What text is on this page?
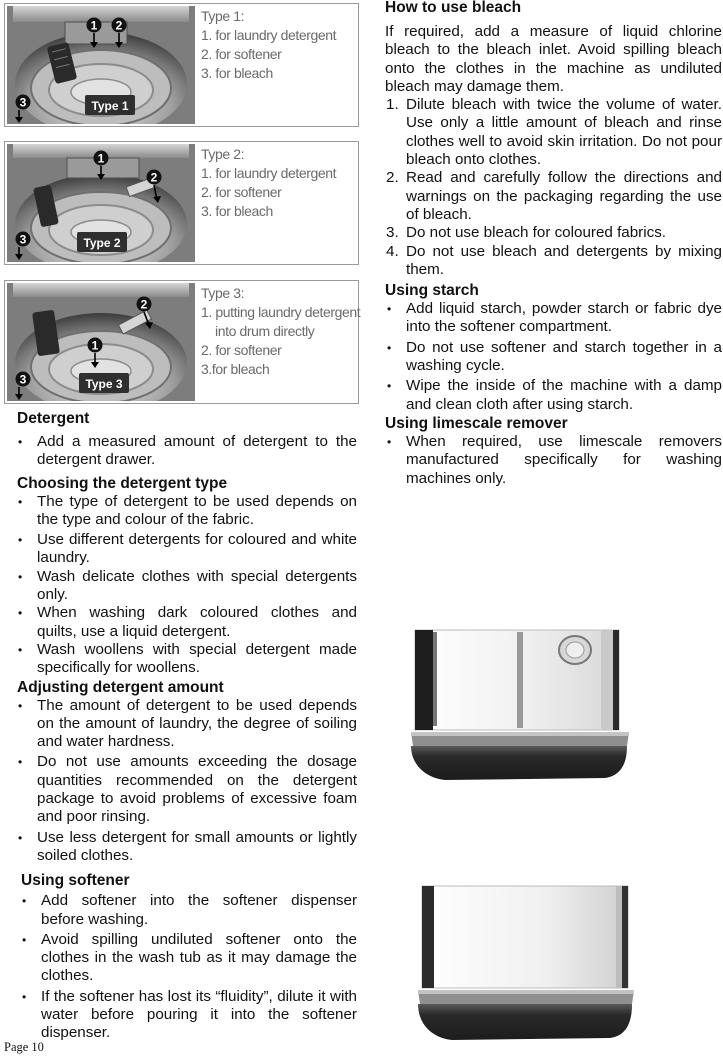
Type 1
1 2
3
Type 1:
1. for laundry detergent
2. for softener
3. for bleach
Type 2
1
2
3
Type 2:
1. for laundry detergent
2. for softener
3. for bleach
Type 3
2
1
3
Type 3:
1. putting laundry detergent
into drum directly
2. for softener
3.for bleach
Detergent
• Add a measured amount of detergent to the detergent drawer.
Choosing the detergent type
• The type of detergent to be used depends on the type and colour of the fabric.
• Use different detergents for coloured and white laundry.
• Wash delicate clothes with special detergents only.
• When washing dark coloured clothes and quilts, use a liquid detergent.
• Wash woollens with special detergent made specifically for woollens.
Adjusting detergent amount
• The amount of detergent to be used depends on the amount of laundry, the degree of soiling and water hardness.
• Do not use amounts exceeding the dosage quantities recommended on the detergent package to avoid problems of excessive foam and poor rinsing.
• Use less detergent for small amounts or lightly soiled clothes.
Using softener
• Add softener into the softener dispenser before washing.
• Avoid spilling undiluted softener onto the clothes in the wash tub as it may damage the clothes.
• If the softener has lost its “fluidity”, dilute it with water before pouring it into the softener dispenser.
How to use bleach

If required, add a measure of liquid chlorine bleach to the bleach inlet. Avoid spilling bleach onto the clothes in the machine as undiluted bleach may damage them.

1. Dilute bleach with twice the volume of water. Use only a little amount of bleach and rinse clothes well to avoid skin irritation. Do not pour bleach onto clothes.
2. Read and carefully follow the directions and warnings on the packaging regarding the use of bleach.
3. Do not use bleach for coloured fabrics.
4. Do not use bleach and detergents by mixing them.
Using starch
• Add liquid starch, powder starch or fabric dye into the softener compartment.
• Do not use softener and starch together in a washing cycle.
• Wipe the inside of the machine with a damp and clean cloth after using starch.
Using limescale remover
• When required, use limescale removers manufactured specifically for washing machines only.
Page 10
